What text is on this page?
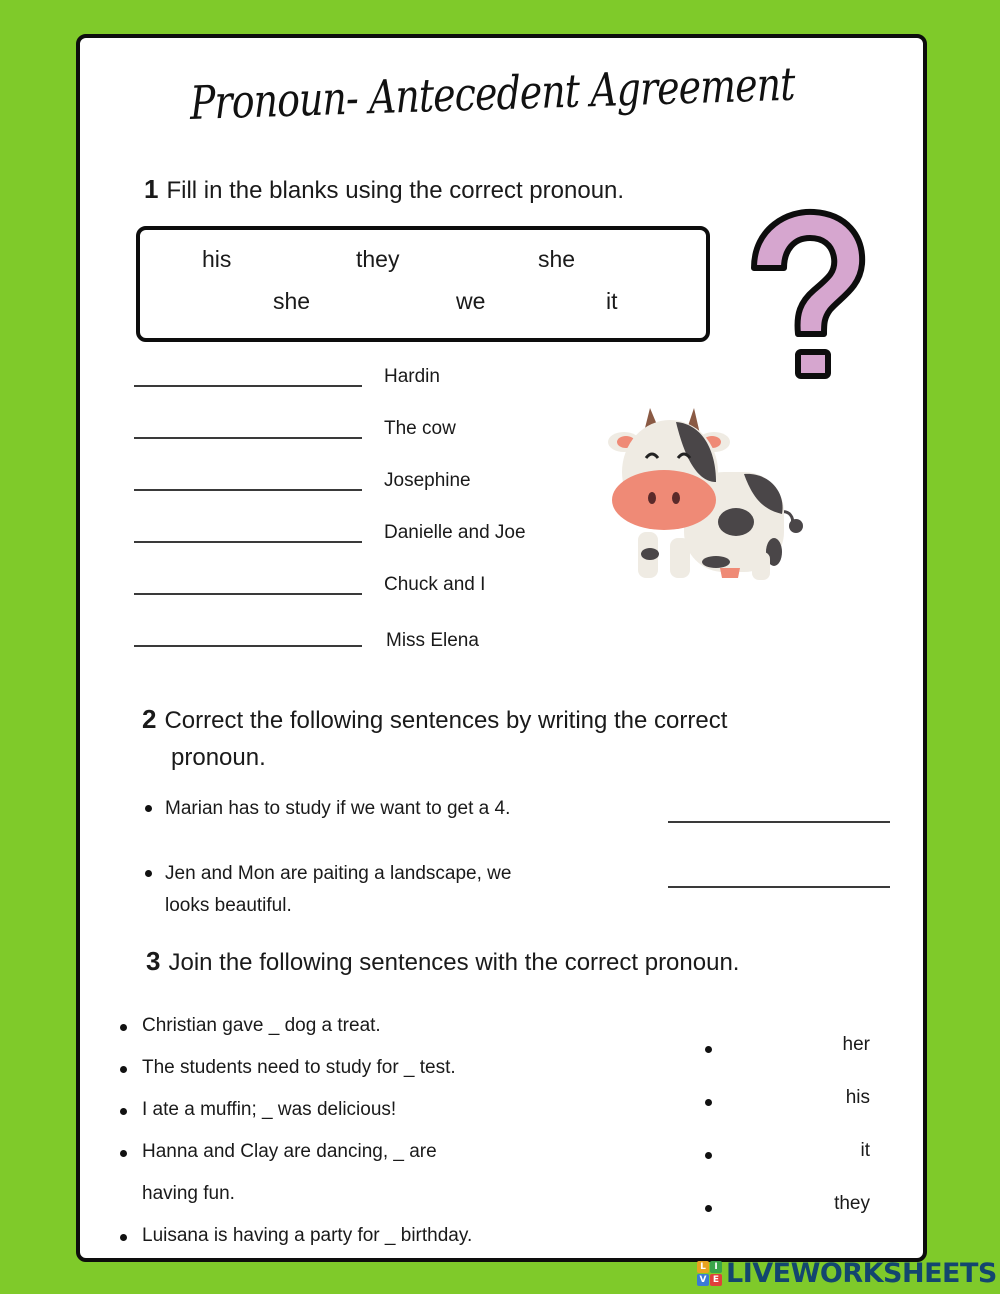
Pronoun- Antecedent Agreement
1 Fill in the blanks using the correct pronoun.
his	they	she
she	we	it
Hardin
The cow
Josephine
Danielle and Joe
Chuck and I
Miss Elena
2 Correct the following sentences by writing the correct
pronoun.
Marian has to study if we want to get a 4.
Jen and Mon are paiting a landscape, we
looks beautiful.
3 Join the following sentences with the correct pronoun.
Christian gave _ dog a treat.
The students need to study for _ test.
I ate a muffin; _ was delicious!
Hanna and Clay are dancing, _ are
having fun.
Luisana is having a party for _ birthday.
her
his
it
they
L I
V E LIVEWORKSHEETS
